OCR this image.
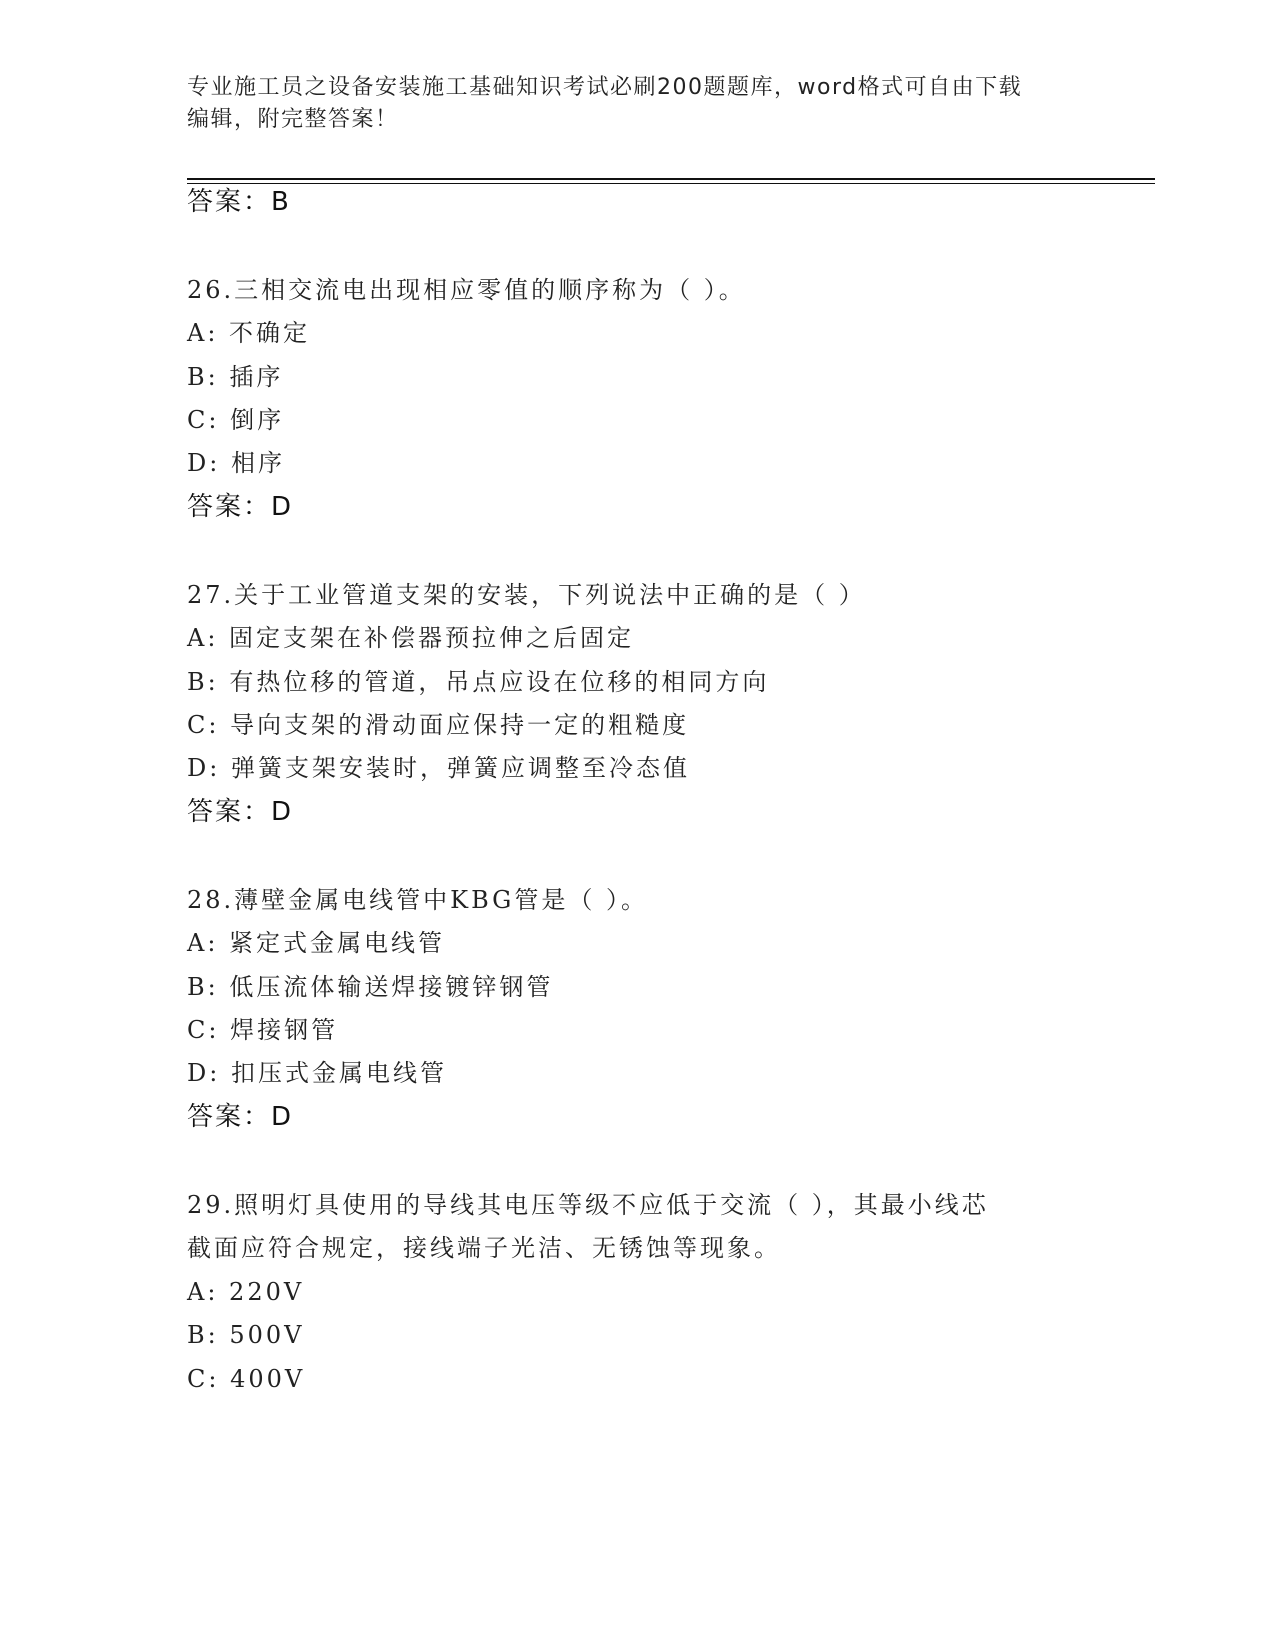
专业施工员之设备安装施工基础知识考试必刷200题题库，word格式可自由下载
编辑，附完整答案！
答案：B
26.三相交流电出现相应零值的顺序称为（ ）。
A: 不确定
B: 插序
C: 倒序
D: 相序
答案：D
27.关于工业管道支架的安装，下列说法中正确的是（ ）
A: 固定支架在补偿器预拉伸之后固定
B: 有热位移的管道，吊点应设在位移的相同方向
C: 导向支架的滑动面应保持一定的粗糙度
D: 弹簧支架安装时，弹簧应调整至冷态值
答案：D
28.薄壁金属电线管中KBG管是（ ）。
A: 紧定式金属电线管
B: 低压流体输送焊接镀锌钢管
C: 焊接钢管
D: 扣压式金属电线管
答案：D
29.照明灯具使用的导线其电压等级不应低于交流（ ），其最小线芯
截面应符合规定，接线端子光洁、无锈蚀等现象。
A: 220V
B: 500V
C: 400V
